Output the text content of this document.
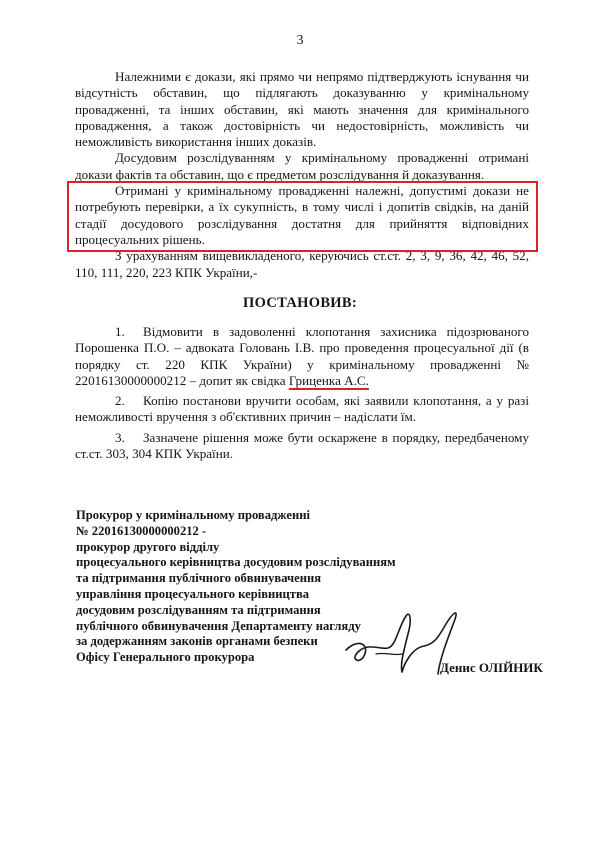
3

Належними є докази, які прямо чи непрямо підтверджують існування чи відсутність обставин, що підлягають доказуванню у кримінальному провадженні, та інших обставин, які мають значення для кримінального провадження, а також достовірність чи недостовірність, можливість чи неможливість використання інших доказів.

Досудовим розслідуванням у кримінальному провадженні отримані докази фактів та обставин, що є предметом розслідування й доказування.

Отримані у кримінальному провадженні належні, допустимі докази не потребують перевірки, а їх сукупність, в тому числі і допитів свідків, на даній стадії досудового розслідування достатня для прийняття відповідних процесуальних рішень.

З урахуванням вищевикладеного, керуючись ст.ст. 2, 3, 9, 36, 42, 46, 52, 110, 111, 220, 223 КПК України,-

ПОСТАНОВИВ:

1. Відмовити в задоволенні клопотання захисника підозрюваного Порошенка П.О. – адвоката Головань І.В. про проведення процесуальної дії (в порядку ст. 220 КПК України) у кримінальному провадженні № 22016130000000212 – допит як свідка Гриценка А.С.

2. Копію постанови вручити особам, які заявили клопотання, а у разі неможливості вручення з об'єктивних причин – надіслати їм.

3. Зазначене рішення може бути оскаржене в порядку, передбаченому ст.ст. 303, 304 КПК України.

Прокурор у кримінальному провадженні
№ 22016130000000212 -
прокурор другого відділу
процесуального керівництва досудовим розслідуванням
та підтримання публічного обвинувачення
управління процесуального керівництва
досудовим розслідуванням та підтримання
публічного обвинувачення Департаменту нагляду
за додержанням законів органами безпеки
Офісу Генерального прокурора
Денис ОЛІЙНИК
